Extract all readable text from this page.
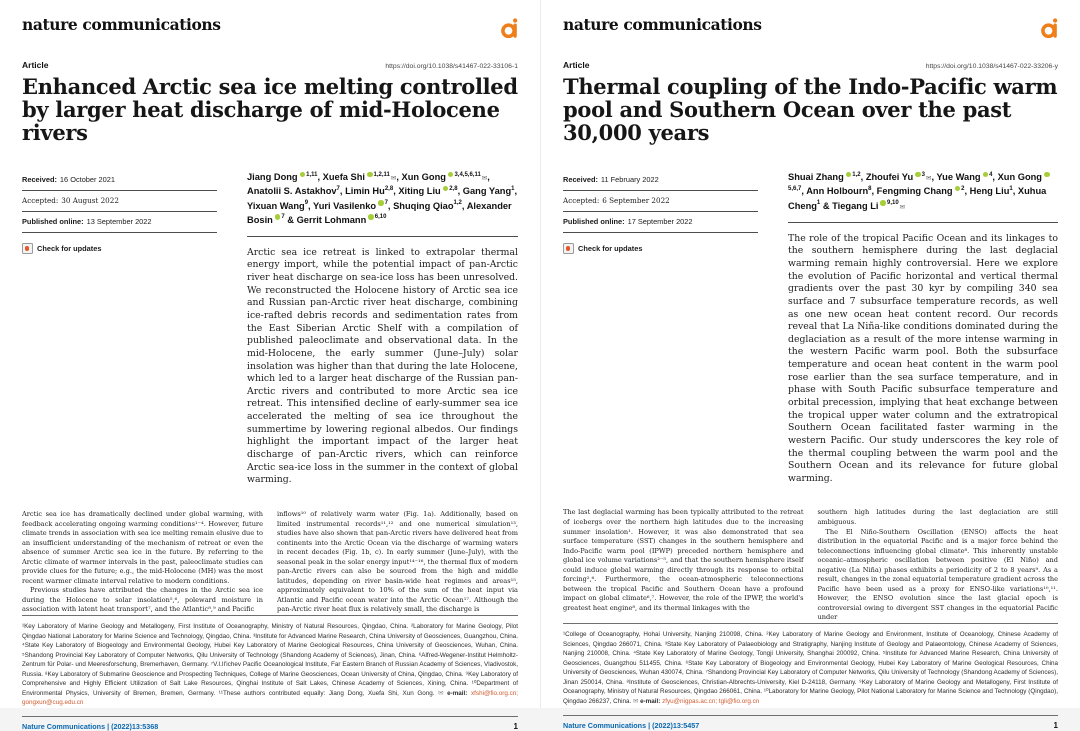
nature communications
Article	https://doi.org/10.1038/s41467-022-33106-1
Enhanced Arctic sea ice melting controlled
by larger heat discharge of mid-Holocene
rivers
Received: 16 October 2021
Accepted: 30 August 2022
Published online: 13 September 2022
Check for updates

Jiang Dong $^{1,11}$, Xuefa Shi $^{1,2,11}$✉, Xun Gong $^{3,4,5,6,11}$✉, Anatolii S. Astakhov$^7$, Limin Hu$^{2,8}$, Xiting Liu $^{2,8}$, Gang Yang$^1$, Yixuan Wang$^9$, Yuri Vasilenko $^7$, Shuqing Qiao$^{1,2}$, Alexander Bosin $^7$ & Gerrit Lohmann $^{6,10}$

Arctic sea ice retreat is linked to extrapolar thermal energy import, while the potential impact of pan-Arctic river heat discharge on sea-ice loss has been unresolved. We reconstructed the Holocene history of Arctic sea ice and Russian pan-Arctic river heat discharge, combining ice-rafted debris records and sedimentation rates from the East Siberian Arctic Shelf with a compilation of published paleoclimate and observational data. In the mid-Holocene, the early summer (June–July) solar insolation was higher than that during the late Holocene, which led to a larger heat discharge of the Russian pan-Arctic rivers and contributed to more Arctic sea ice retreat. This intensified decline of early-summer sea ice accelerated the melting of sea ice throughout the summertime by lowering regional albedos. Our findings highlight the important impact of the larger heat discharge of pan-Arctic rivers, which can reinforce Arctic sea-ice loss in the summer in the context of global warming.

Arctic sea ice has dramatically declined under global warming, with feedback accelerating ongoing warming conditions¹⁻⁴. However, future climate trends in association with sea ice melting remain elusive due to an insufficient understanding of the mechanism of retreat or even the absence of summer Arctic sea ice in the future. By referring to the Arctic climate of warmer intervals in the past, paleoclimate studies can provide clues for the future; e.g., the mid-Holocene (MH) was the most recent warmer climate interval relative to modern conditions.

Previous studies have attributed the changes in the Arctic sea ice during the Holocene to solar insolation⁵,⁶, poleward moisture in association with latent heat transport⁷, and the Atlantic⁸,⁹ and Pacific

inflows¹⁰ of relatively warm water (Fig. 1a). Additionally, based on limited instrumental records¹¹,¹² and one numerical simulation¹³, studies have also shown that pan-Arctic rivers have delivered heat from continents into the Arctic Ocean via the discharge of warming waters in recent decades (Fig. 1b, c). In early summer (June–July), with the seasonal peak in the solar energy input¹⁴⁻¹⁶, the thermal flux of modern pan-Arctic rivers can also be sourced from the high and middle latitudes, depending on river basin-wide heat regimes and areas¹⁵, approximately equivalent to 10% of the sum of the heat input via Atlantic and Pacific ocean water into the Arctic Ocean¹⁷. Although the pan-Arctic river heat flux is relatively small, the discharge is

¹Key Laboratory of Marine Geology and Metallogeny, First Institute of Oceanography, Ministry of Natural Resources, Qingdao, China. ²Laboratory for Marine Geology, Pilot Qingdao National Laboratory for Marine Science and Technology, Qingdao, China. ³Institute for Advanced Marine Research, China University of Geosciences, Guangzhou, China. ⁴State Key Laboratory of Biogeology and Environmental Geology, Hubei Key Laboratory of Marine Geological Resources, China University of Geosciences, Wuhan, China. ⁵Shandong Provincial Key Laboratory of Computer Networks, Qilu University of Technology (Shandong Academy of Sciences), Jinan, China. ⁶Alfred-Wegener-Institut Helmholtz-Zentrum für Polar- und Meeresforschung, Bremerhaven, Germany. ⁷V.I.Il'ichev Pacific Oceanological Institute, Far Eastern Branch of Russian Academy of Sciences, Vladivostok, Russia. ⁸Key Laboratory of Submarine Geoscience and Prospecting Techniques, College of Marine Geosciences, Ocean University of China, Qingdao, China. ⁹Key Laboratory of Comprehensive and Highly Efficient Utilization of Salt Lake Resources, Qinghai Institute of Salt Lakes, Chinese Academy of Sciences, Xining, China. ¹⁰Department of Environmental Physics, University of Bremen, Bremen, Germany. ¹¹These authors contributed equally: Jiang Dong, Xuefa Shi, Xun Gong. ✉ e-mail: xfshi@fio.org.cn; gongxun@cug.edu.cn
Nature Communications | (2022)13:5368	1
nature communications
Article	https://doi.org/10.1038/s41467-022-33206-y
Thermal coupling of the Indo-Pacific warm
pool and Southern Ocean over the past
30,000 years
Received: 11 February 2022
Accepted: 6 September 2022
Published online: 17 September 2022
Check for updates

Shuai Zhang $^{1,2}$, Zhoufei Yu $^3$✉, Yue Wang $^4$, Xun Gong$^{5,6,7}$, Ann Holbourn$^8$, Fengming Chang $^2$, Heng Liu$^1$, Xuhua Cheng$^1$ & Tiegang Li $^{9,10}$✉

The role of the tropical Pacific Ocean and its linkages to the southern hemisphere during the last deglacial warming remain highly controversial. Here we explore the evolution of Pacific horizontal and vertical thermal gradients over the past 30 kyr by compiling 340 sea surface and 7 subsurface temperature records, as well as one new ocean heat content record. Our records reveal that La Niña-like conditions dominated during the deglaciation as a result of the more intense warming in the western Pacific warm pool. Both the subsurface temperature and ocean heat content in the warm pool rose earlier than the sea surface temperature, and in phase with South Pacific subsurface temperature and orbital precession, implying that heat exchange between the tropical upper water column and the extratropical Southern Ocean facilitated faster warming in the western Pacific. Our study underscores the key role of the thermal coupling between the warm pool and the Southern Ocean and its relevance for future global warming.

The last deglacial warming has been typically attributed to the retreat of icebergs over the northern high latitudes due to the increasing summer insolation¹. However, it was also demonstrated that sea surface temperature (SST) changes in the southern hemisphere and Indo-Pacific warm pool (IPWP) preceded northern hemisphere and global ice volume variations²⁻⁵, and that the southern hemisphere itself could induce global warming directly through its response to orbital forcing²,⁶. Furthermore, the ocean-atmospheric teleconnections between the tropical Pacific and Southern Ocean have a profound impact on global climate⁶,⁷. However, the role of the IPWP, the world's greatest heat engine⁸, and its thermal linkages with the

southern high latitudes during the last deglaciation are still ambiguous.

The El Niño-Southern Oscillation (ENSO) affects the heat distribution in the equatorial Pacific and is a major force behind the teleconnections influencing global climate⁸. This inherently unstable oceanic–atmospheric oscillation between positive (El Niño) and negative (La Niña) phases exhibits a periodicity of 2 to 8 years⁹. As a result, changes in the zonal equatorial temperature gradient across the Pacific have been used as a proxy for ENSO-like variations¹⁰,¹¹. However, the ENSO evolution since the last glacial epoch is controversial owing to divergent SST changes in the equatorial Pacific under

¹College of Oceanography, Hohai University, Nanjing 210098, China. ²Key Laboratory of Marine Geology and Environment, Institute of Oceanology, Chinese Academy of Sciences, Qingdao 266071, China. ³State Key Laboratory of Palaeobiology and Stratigraphy, Nanjing Institute of Geology and Palaeontology, Chinese Academy of Sciences, Nanjing 210008, China. ⁴State Key Laboratory of Marine Geology, Tongji University, Shanghai 200092, China. ⁵Institute for Advanced Marine Research, China University of Geosciences, Guangzhou 511455, China. ⁶State Key Laboratory of Biogeology and Environmental Geology, Hubei Key Laboratory of Marine Geological Resources, China University of Geosciences, Wuhan 430074, China. ⁷Shandong Provincial Key Laboratory of Computer Networks, Qilu University of Technology (Shandong Academy of Sciences), Jinan 250014, China. ⁸Institute of Geosciences, Christian-Albrechts-University, Kiel D-24118, Germany. ⁹Key Laboratory of Marine Geology and Metallogeny, First Institute of Oceanography, Ministry of Natural Resources, Qingdao 266061, China. ¹⁰Laboratory for Marine Geology, Pilot National Laboratory for Marine Science and Technology (Qingdao), Qingdao 266237, China. ✉ e-mail: zfyu@nigpas.ac.cn; tgli@fio.org.cn
Nature Communications | (2022)13:5457	1
